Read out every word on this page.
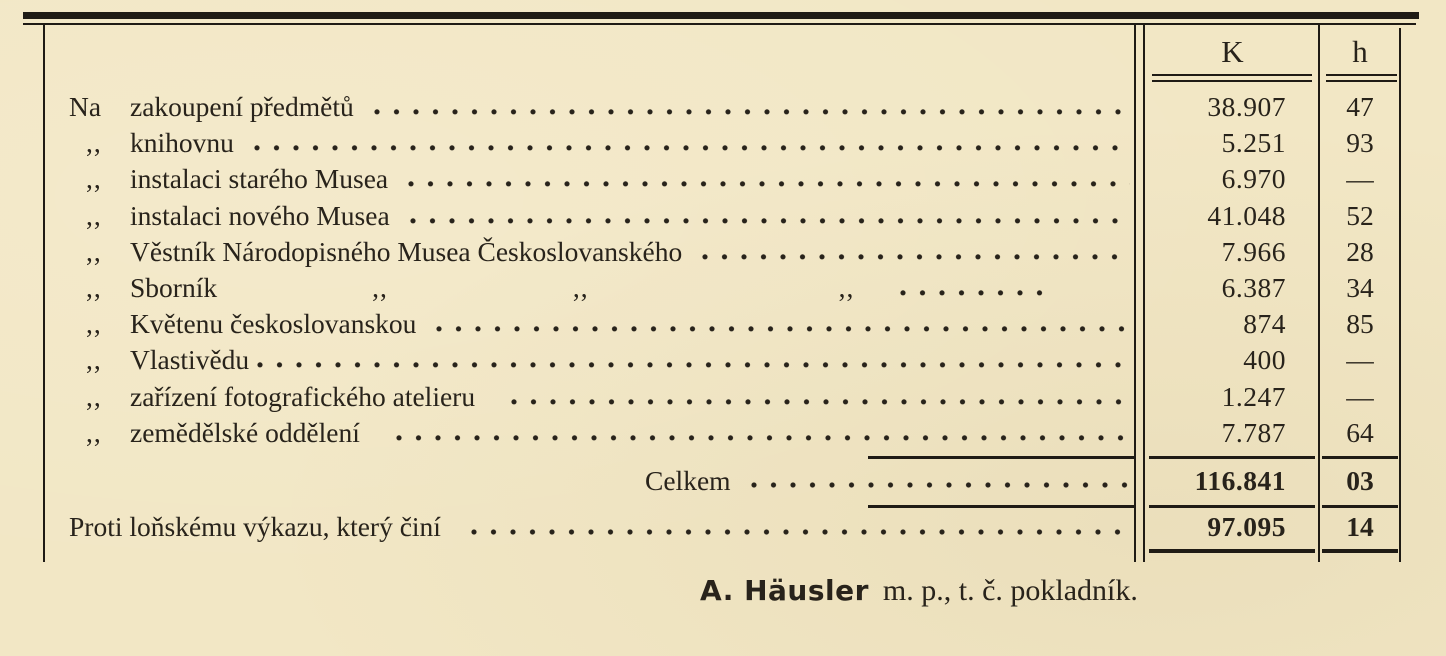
K	h
Na	zakoupení předmětů	38.907	47
,,	knihovnu	5.251	93
,,	instalaci starého Musea	6.970	—
,,	instalaci nového Musea	41.048	52
,,	Věstník Národopisného Musea Českoslovanského	7.966	28
,,	Sborník	,,	,,	,,	6.387	34
,,	Květenu českoslovanskou	874	85
,,	Vlastivědu	400	—
,,	zařízení fotografického atelieru	1.247	—
,,	zemědělské oddělení	7.787	64
Celkem	116.841	03
Proti loňskému výkazu, který činí	97.095	14
A. Häusler m. p., t. č. pokladník.
